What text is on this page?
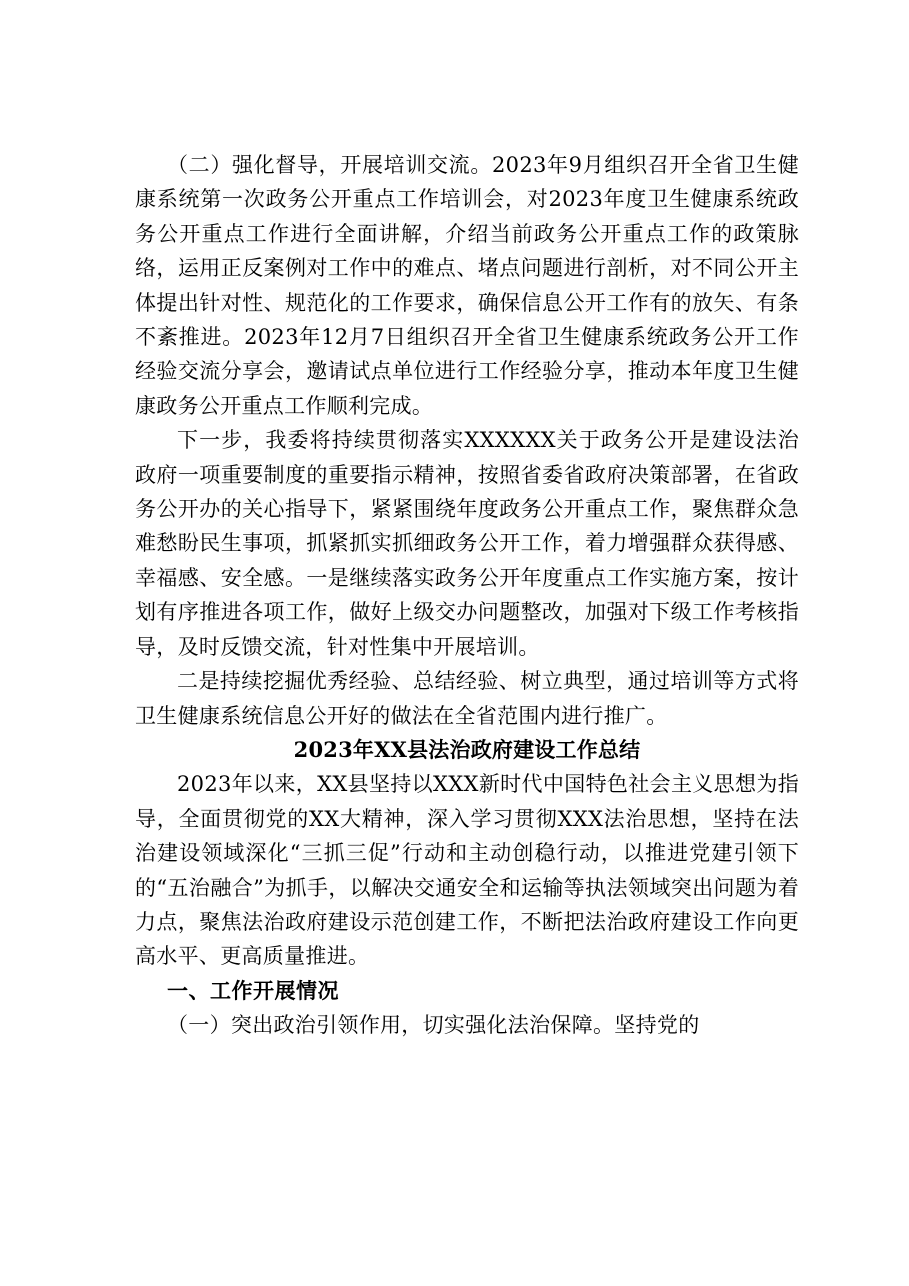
（二）强化督导，开展培训交流。2023年9月组织召开全省卫生健康系统第一次政务公开重点工作培训会，对2023年度卫生健康系统政务公开重点工作进行全面讲解，介绍当前政务公开重点工作的政策脉络，运用正反案例对工作中的难点、堵点问题进行剖析，对不同公开主体提出针对性、规范化的工作要求，确保信息公开工作有的放矢、有条不紊推进。2023年12月7日组织召开全省卫生健康系统政务公开工作经验交流分享会，邀请试点单位进行工作经验分享，推动本年度卫生健康政务公开重点工作顺利完成。

下一步，我委将持续贯彻落实XXXXXX关于政务公开是建设法治政府一项重要制度的重要指示精神，按照省委省政府决策部署，在省政务公开办的关心指导下，紧紧围绕年度政务公开重点工作，聚焦群众急难愁盼民生事项，抓紧抓实抓细政务公开工作，着力增强群众获得感、幸福感、安全感。一是继续落实政务公开年度重点工作实施方案，按计划有序推进各项工作，做好上级交办问题整改，加强对下级工作考核指导，及时反馈交流，针对性集中开展培训。

二是持续挖掘优秀经验、总结经验、树立典型，通过培训等方式将卫生健康系统信息公开好的做法在全省范围内进行推广。

2023年XX县法治政府建设工作总结

2023年以来，XX县坚持以XXX新时代中国特色社会主义思想为指导，全面贯彻党的XX大精神，深入学习贯彻XXX法治思想，坚持在法治建设领域深化“三抓三促”行动和主动创稳行动，以推进党建引领下的“五治融合”为抓手，以解决交通安全和运输等执法领域突出问题为着力点，聚焦法治政府建设示范创建工作，不断把法治政府建设工作向更高水平、更高质量推进。

一、工作开展情况

（一）突出政治引领作用，切实强化法治保障。坚持党的
